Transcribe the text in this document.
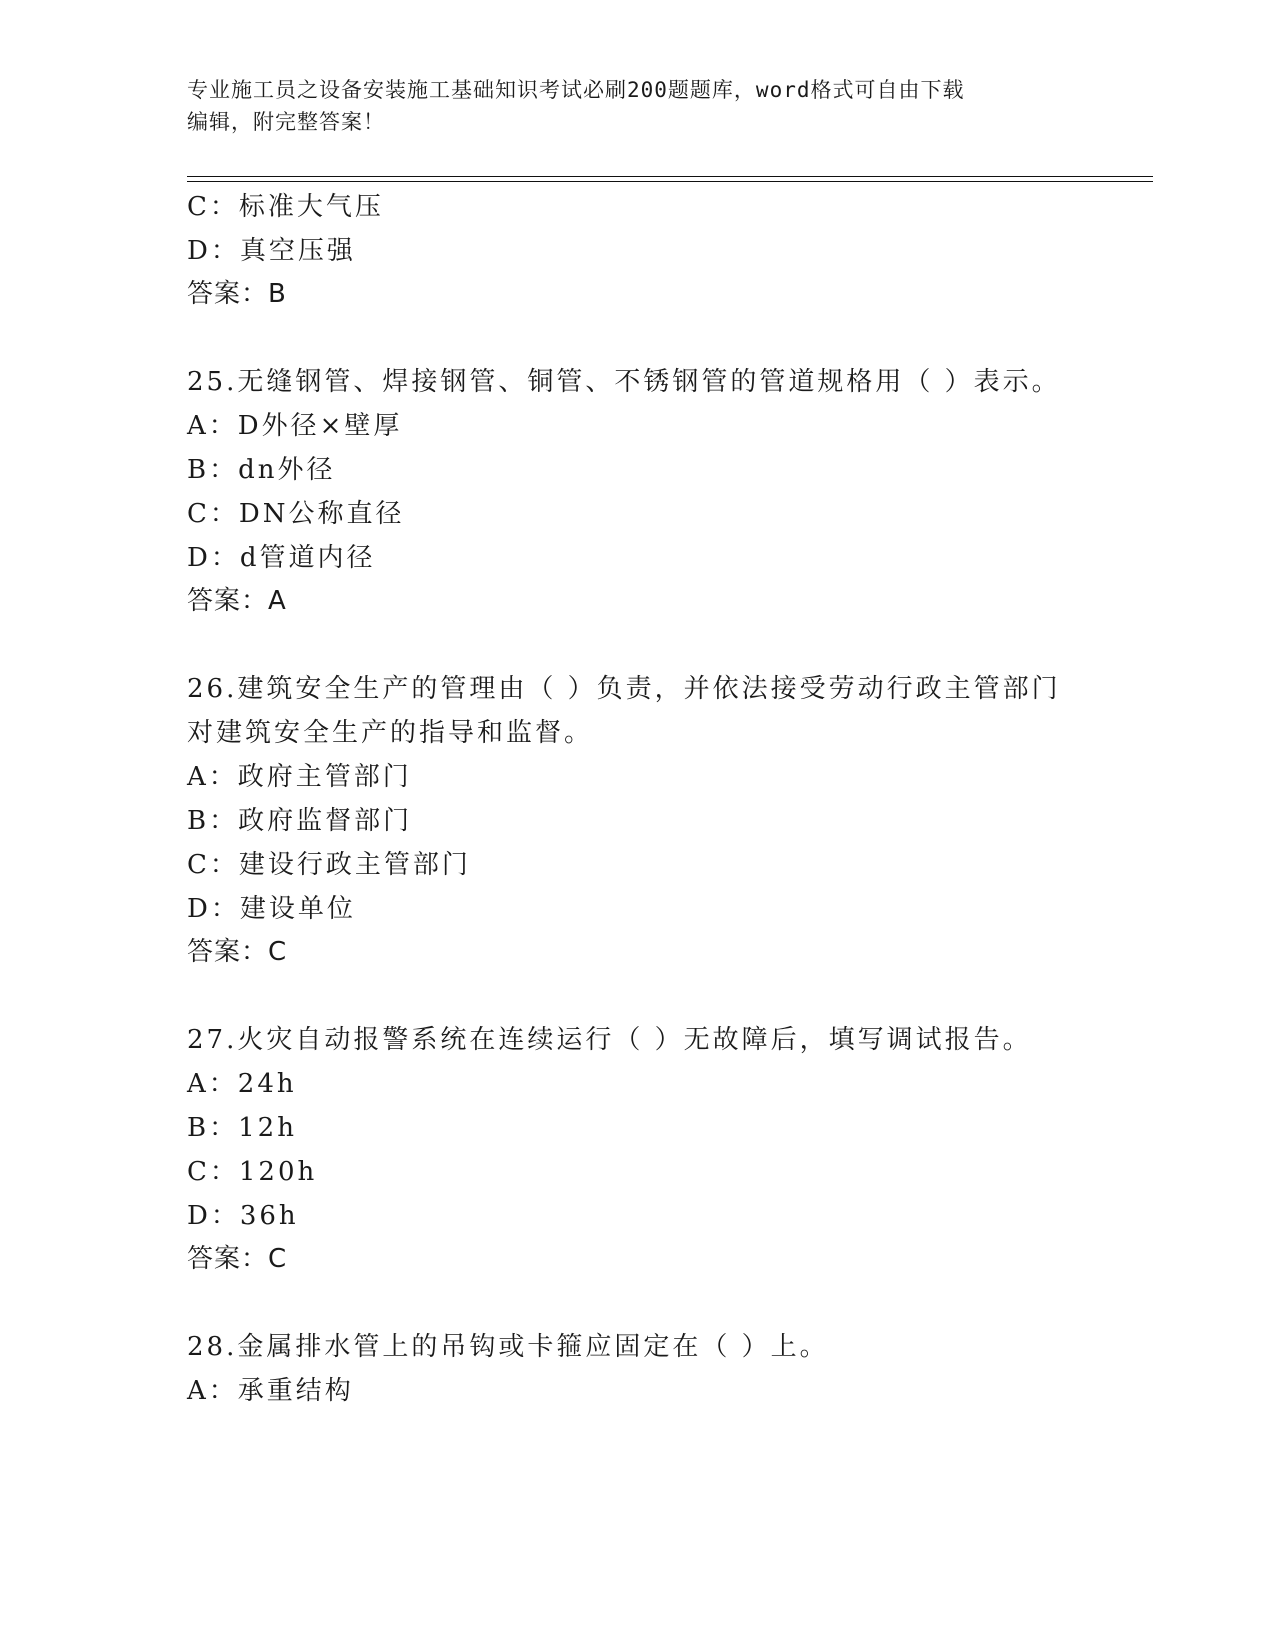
专业施工员之设备安装施工基础知识考试必刷200题题库，word格式可自由下载
编辑，附完整答案！
C：标准大气压
D：真空压强
答案：B
25.无缝钢管、焊接钢管、铜管、不锈钢管的管道规格用（ ）表示。
A：D外径×壁厚
B：dn外径
C：DN公称直径
D：d管道内径
答案：A
26.建筑安全生产的管理由（ ）负责，并依法接受劳动行政主管部门
对建筑安全生产的指导和监督。
A：政府主管部门
B：政府监督部门
C：建设行政主管部门
D：建设单位
答案：C
27.火灾自动报警系统在连续运行（ ）无故障后，填写调试报告。
A：24h
B：12h
C：120h
D：36h
答案：C
28.金属排水管上的吊钩或卡箍应固定在（ ）上。
A：承重结构
